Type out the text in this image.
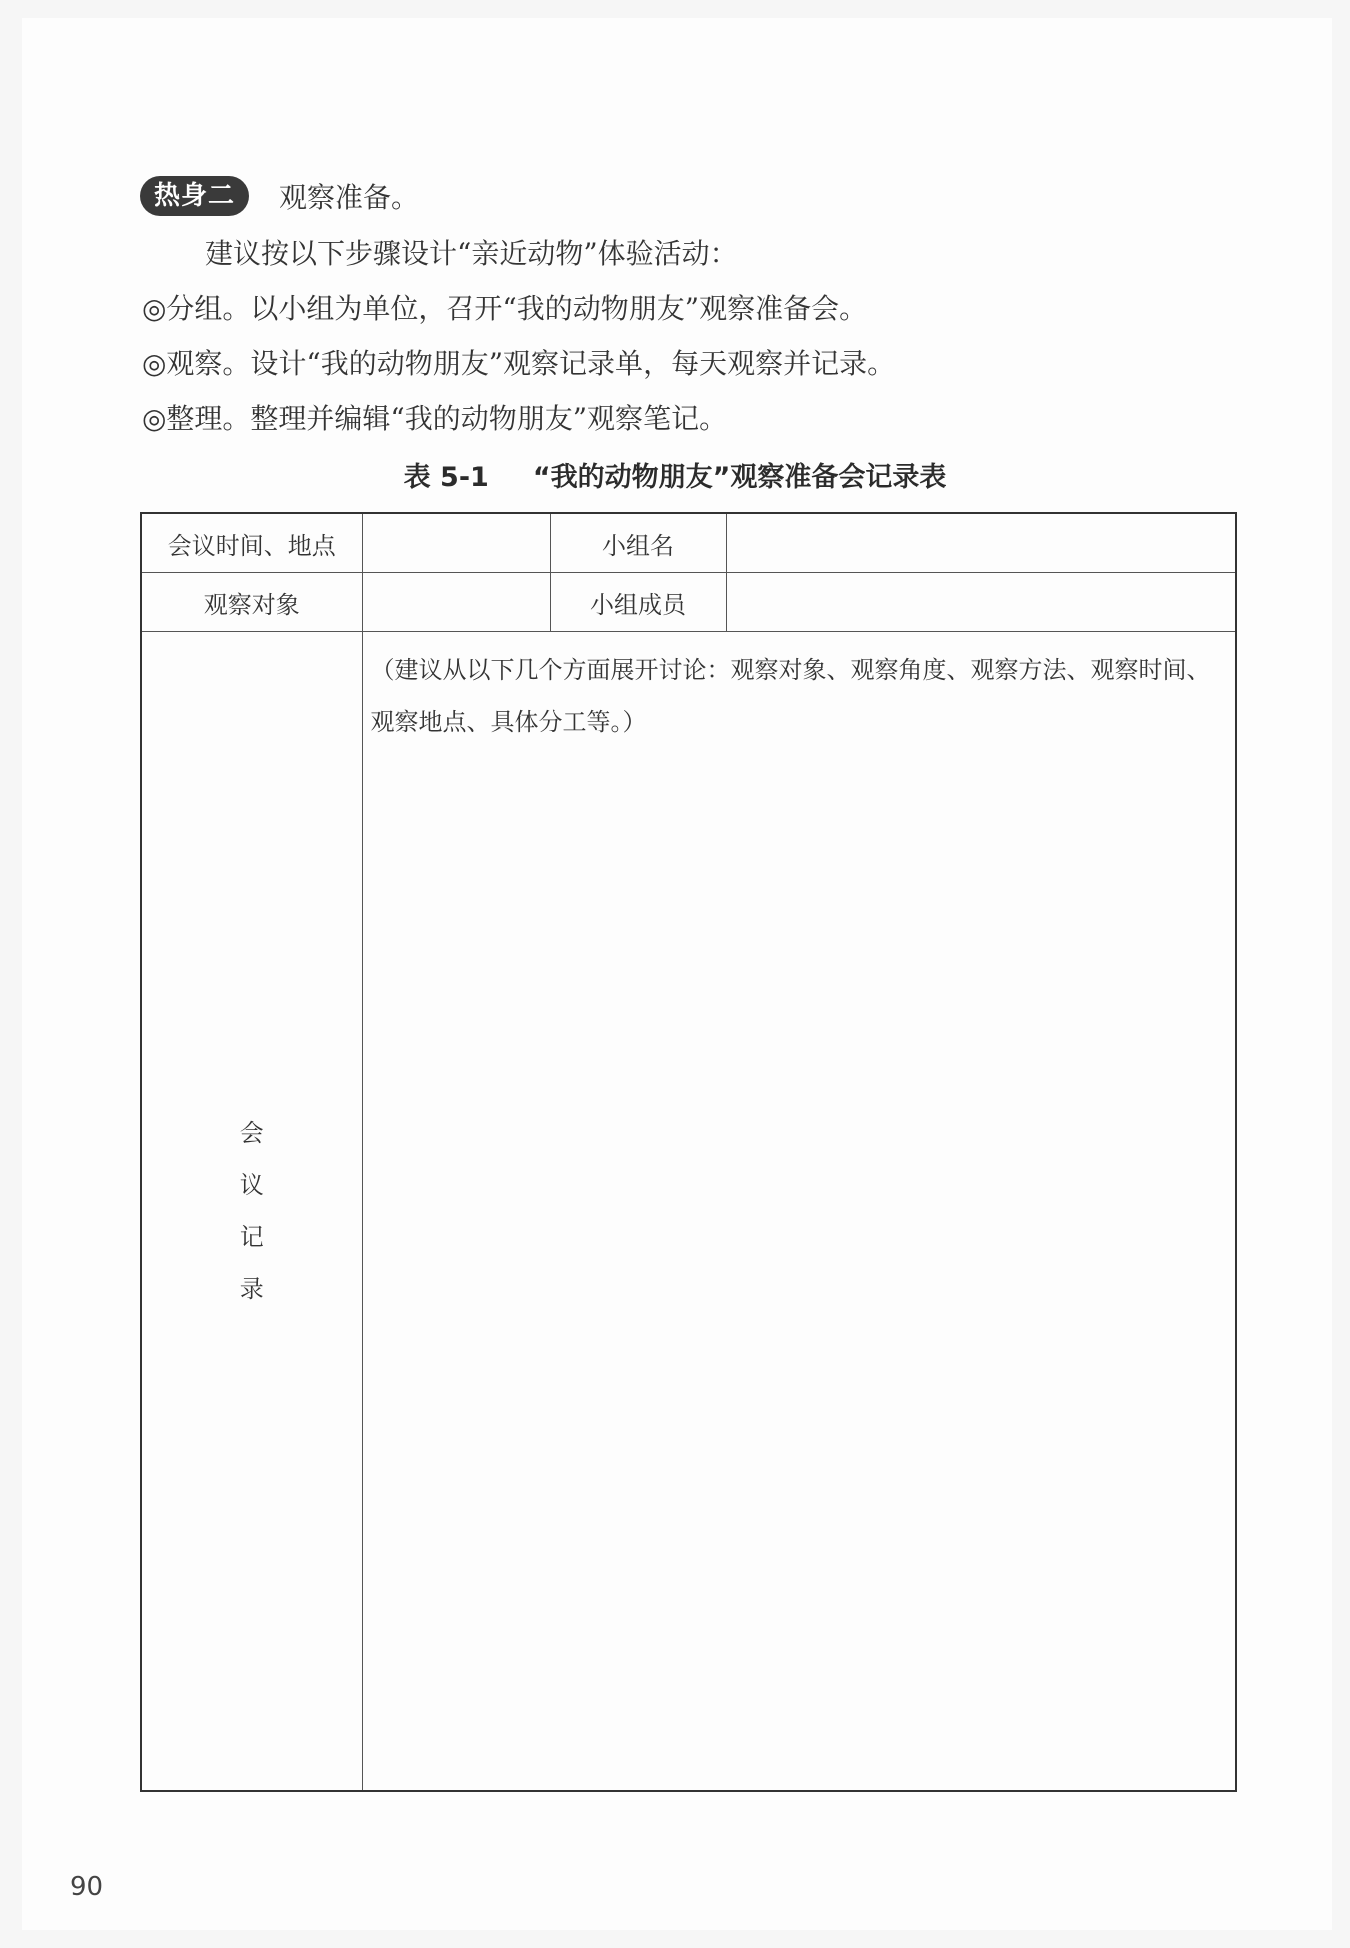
热身二	观察准备。
建议按以下步骤设计“亲近动物”体验活动：
◎分组。以小组为单位，召开“我的动物朋友”观察准备会。
◎观察。设计“我的动物朋友”观察记录单，每天观察并记录。
◎整理。整理并编辑“我的动物朋友”观察笔记。
表 5-1 “我的动物朋友”观察准备会记录表
会议时间、地点		小组名	
观察对象		小组成员	
会议记录	（建议从以下几个方面展开讨论：观察对象、观察角度、观察方法、观察时间、观察地点、具体分工等。）		
90
